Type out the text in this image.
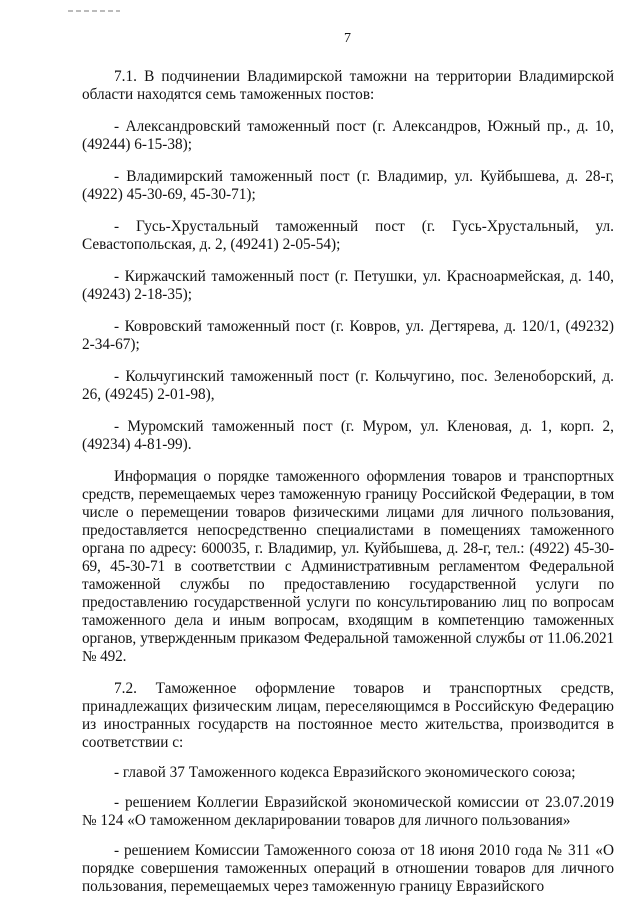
7

7.1. В подчинении Владимирской таможни на территории Владимирской области находятся семь таможенных постов:

- Александровский таможенный пост (г. Александров, Южный пр., д. 10, (49244) 6-15-38);

- Владимирский таможенный пост (г. Владимир, ул. Куйбышева, д. 28-г, (4922) 45-30-69, 45-30-71);

- Гусь-Хрустальный таможенный пост (г. Гусь-Хрустальный, ул. Севастопольская, д. 2, (49241) 2-05-54);

- Киржачский таможенный пост (г. Петушки, ул. Красноармейская, д. 140, (49243) 2-18-35);

- Ковровский таможенный пост (г. Ковров, ул. Дегтярева, д. 120/1, (49232) 2-34-67);

- Кольчугинский таможенный пост (г. Кольчугино, пос. Зеленоборский, д. 26, (49245) 2-01-98),

- Муромский таможенный пост (г. Муром, ул. Кленовая, д. 1, корп. 2, (49234) 4-81-99).

Информация о порядке таможенного оформления товаров и транспортных средств, перемещаемых через таможенную границу Российской Федерации, в том числе о перемещении товаров физическими лицами для личного пользования, предоставляется непосредственно специалистами в помещениях таможенного органа по адресу: 600035, г. Владимир, ул. Куйбышева, д. 28-г, тел.: (4922) 45-30-69, 45-30-71 в соответствии с Административным регламентом Федеральной таможенной службы по предоставлению государственной услуги по предоставлению государственной услуги по консультированию лиц по вопросам таможенного дела и иным вопросам, входящим в компетенцию таможенных органов, утвержденным приказом Федеральной таможенной службы от 11.06.2021 № 492.

7.2. Таможенное оформление товаров и транспортных средств, принадлежащих физическим лицам, переселяющимся в Российскую Федерацию из иностранных государств на постоянное место жительства, производится в соответствии с:

- главой 37 Таможенного кодекса Евразийского экономического союза;

- решением Коллегии Евразийской экономической комиссии от 23.07.2019 № 124 «О таможенном декларировании товаров для личного пользования»

- решением Комиссии Таможенного союза от 18 июня 2010 года № 311 «О порядке совершения таможенных операций в отношении товаров для личного пользования, перемещаемых через таможенную границу Евразийского
